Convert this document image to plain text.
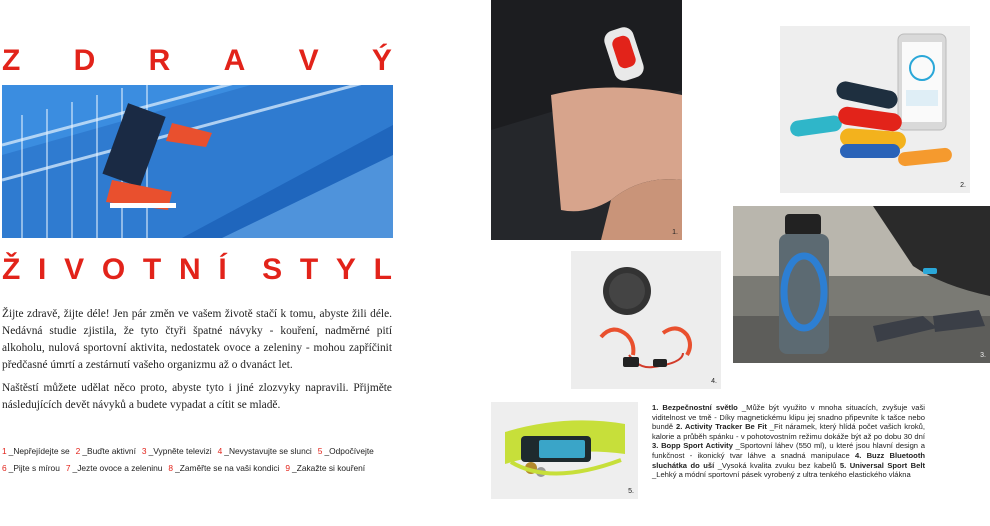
Z D R A V Ý
Ž I V O T N Í S T Y L

Žijte zdravě, žijte déle! Jen pár změn ve vašem životě stačí k tomu, abyste žili déle. Nedávná studie zjistila, že tyto čtyři špatné návyky - kouření, nadměrné pití alkoholu, nulová sportovní aktivita, nedostatek ovoce a zeleniny - mohou zapříčinit předčasné úmrtí a zestárnutí vašeho organizmu až o dvanáct let.

Naštěstí můžete udělat něco proto, abyste tyto i jiné zlozvyky napravili. Přijměte následujících devět návyků a budete vypadat a cítit se mladě.

1 _Nepřejídejte se 2 _Buďte aktivní 3 _Vypněte televizi 4 _Nevystavujte se slunci 5 _Odpočívejte
6 _Pijte s mírou 7 _Jezte ovoce a zeleninu 8 _Zaměřte se na vaši kondici 9 _Zakažte si kouření
1.
2.
3.
4.
5.
1. Bezpečnostní světlo _Může být využito v mnoha situacích, zvyšuje vaši viditelnost ve tmě - Díky magnetickému klipu jej snadno připevníte k tašce nebo bundě 2. Activity Tracker Be Fit _Fit náramek, který hlídá počet vašich kroků, kalorie a průběh spánku - v pohotovostním režimu dokáže být až po dobu 30 dní 3. Bopp Sport Activity _Sportovní láhev (550 ml), u které jsou hlavní design a funkčnost - ikonický tvar láhve a snadná manipulace 4. Buzz Bluetooth sluchátka do uší _Vysoká kvalita zvuku bez kabelů 5. Universal Sport Belt _Lehký a módní sportovní pásek vyrobený z ultra tenkého elastického vlákna
